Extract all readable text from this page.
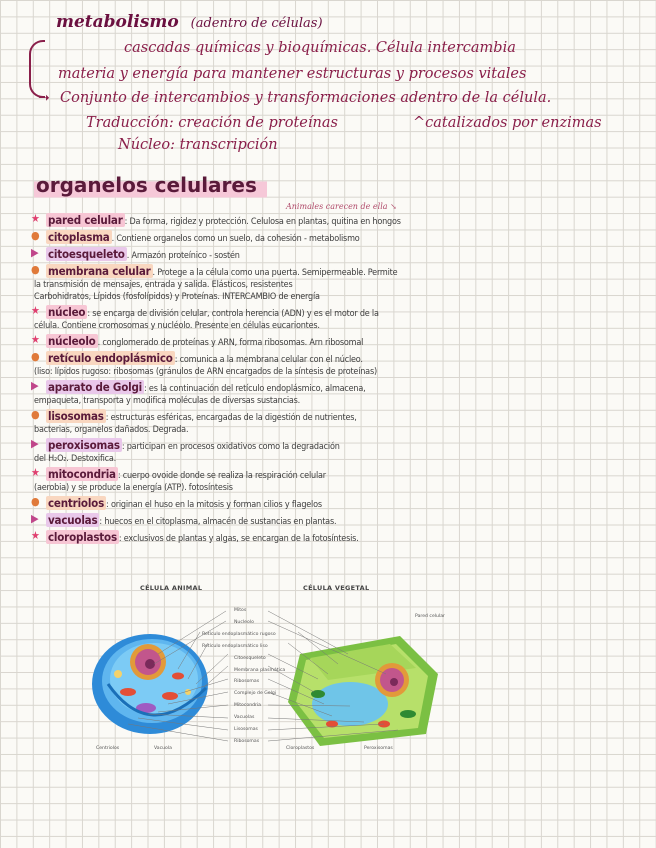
metabolismo (adentro de células)
cascadas químicas y bioquímicas. Célula intercambia
materia y energía para mantener estructuras y procesos vitales
➝ Conjunto de intercambios y transformaciones adentro de la célula.
Traducción: creación de proteínas	^catalizados por enzimas
Núcleo: transcripción
organelos celulares
Animales carecen de ella ↘
★ pared celular : Da forma, rigidez y protección. Celulosa en plantas, quitina en hongos
● citoplasma . Contiene organelos como un suelo, da cohesión - metabolismo
▶ citoesqueleto . Armazón proteínico - sostén
● membrana celular . Protege a la célula como una puerta. Semipermeable. Permite
la transmisión de mensajes, entrada y salida. Elásticos, resistentes
Carbohidratos, Lípidos (fosfolípidos) y Proteínas. INTERCAMBIO de energía
★ núcleo : se encarga de división celular, controla herencia (ADN) y es el motor de la
célula. Contiene cromosomas y nucléolo. Presente en células eucariontes.
★ núcleolo . conglomerado de proteínas y ARN, forma ribosomas. Arn ribosomal
● retículo endoplásmico : comunica a la membrana celular con el núcleo.
(liso: lípidos rugoso: ribosomas (gránulos de ARN encargados de la síntesis de proteínas)
▶ aparato de Golgi : es la continuación del retículo endoplásmico, almacena,
empaqueta, transporta y modifica moléculas de diversas sustancias.
● lisosomas : estructuras esféricas, encargadas de la digestión de nutrientes,
bacterias, organelos dañados. Degrada.
▶ peroxisomas : participan en procesos oxidativos como la degradación
del H₂O₂. Destoxifica.
★ mitocondria : cuerpo ovoide donde se realiza la respiración celular
(aerobia) y se produce la energía (ATP). fotosíntesis
● centriolos : originan el huso en la mitosis y forman cilios y flagelos
▶ vacuolas : huecos en el citoplasma, almacén de sustancias en plantas.
★ cloroplastos : exclusivos de plantas y algas, se encargan de la fotosíntesis.
CÉLULA ANIMAL	CÉLULA VEGETAL
Mitos
Nucleolo
Retículo endoplasmático rugoso
Retículo endoplasmático liso
Citoesqueleto
Membrana plasmática
Ribosomas
Complejo de Golgi
Mitocondria
Vacuolas
Lisosomas
Ribosomas
Centriolos	Vacuola
Pared celular
Cloroplastos	Peroxisomas
